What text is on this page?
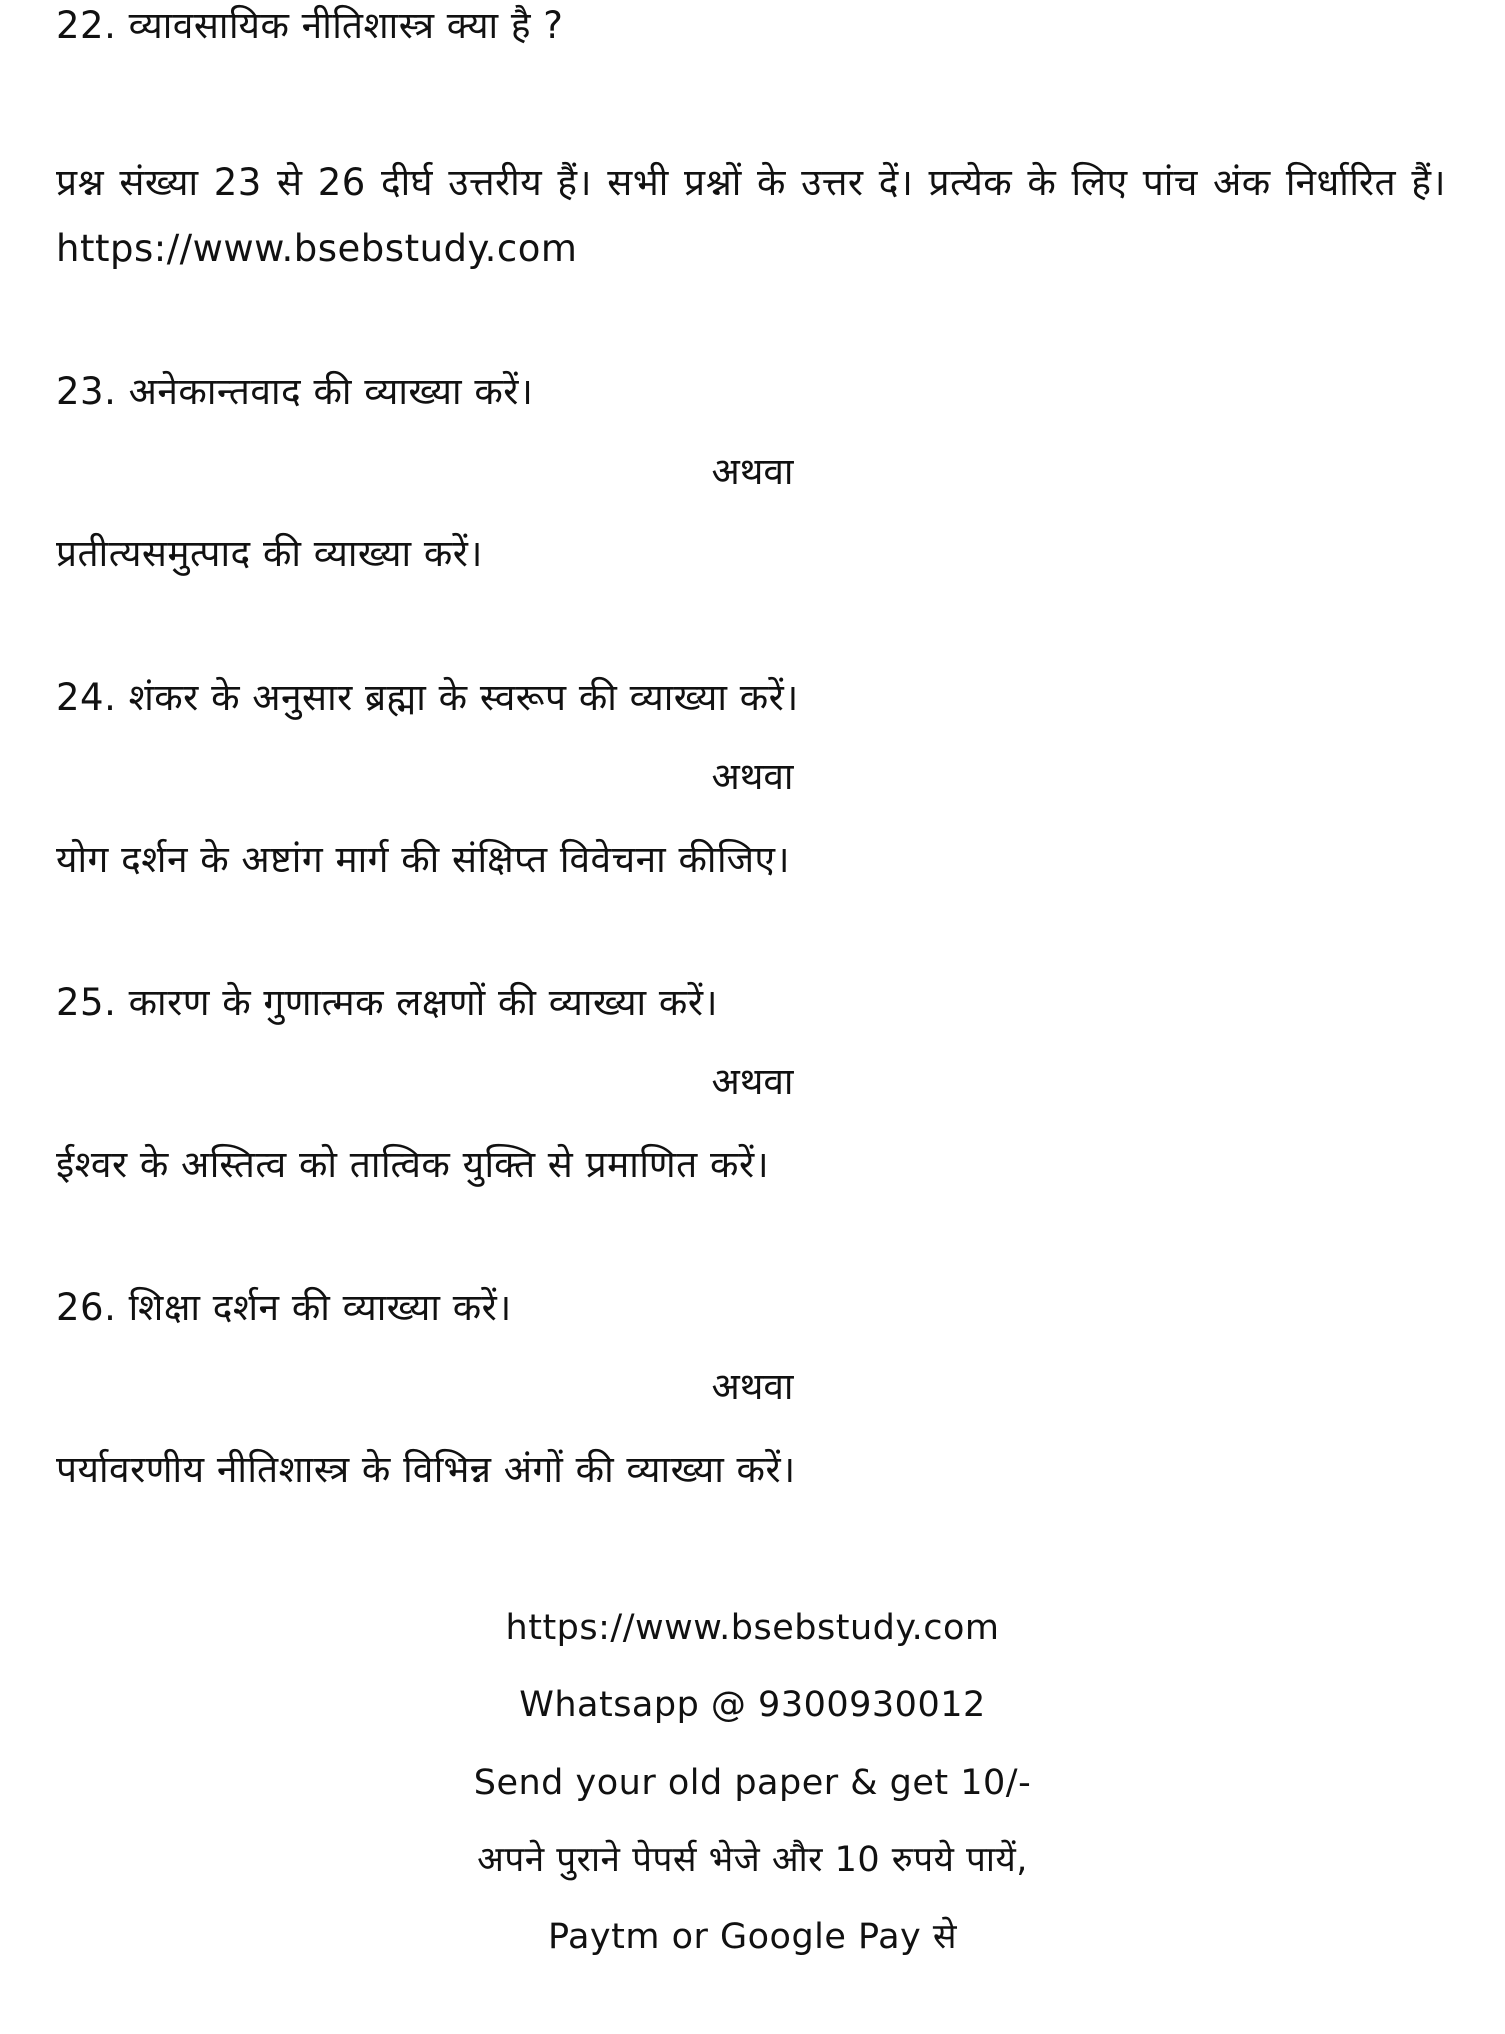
22. व्यावसायिक नीतिशास्त्र क्या है ?
प्रश्न संख्या 23 से 26 दीर्घ उत्तरीय हैं। सभी प्रश्नों के उत्तर दें। प्रत्येक के लिए पांच अंक निर्धारित हैं। https://www.bsebstudy.com
23. अनेकान्तवाद की व्याख्या करें।
अथवा
प्रतीत्यसमुत्पाद की व्याख्या करें।
24. शंकर के अनुसार ब्रह्मा के स्वरूप की व्याख्या करें।
अथवा
योग दर्शन के अष्टांग मार्ग की संक्षिप्त विवेचना कीजिए।
25. कारण के गुणात्मक लक्षणों की व्याख्या करें।
अथवा
ईश्वर के अस्तित्व को तात्विक युक्ति से प्रमाणित करें।
26. शिक्षा दर्शन की व्याख्या करें।
अथवा
पर्यावरणीय नीतिशास्त्र के विभिन्न अंगों की व्याख्या करें।
https://www.bsebstudy.com
Whatsapp @ 9300930012
Send your old paper & get 10/-
अपने पुराने पेपर्स भेजे और 10 रुपये पायें,
Paytm or Google Pay से
